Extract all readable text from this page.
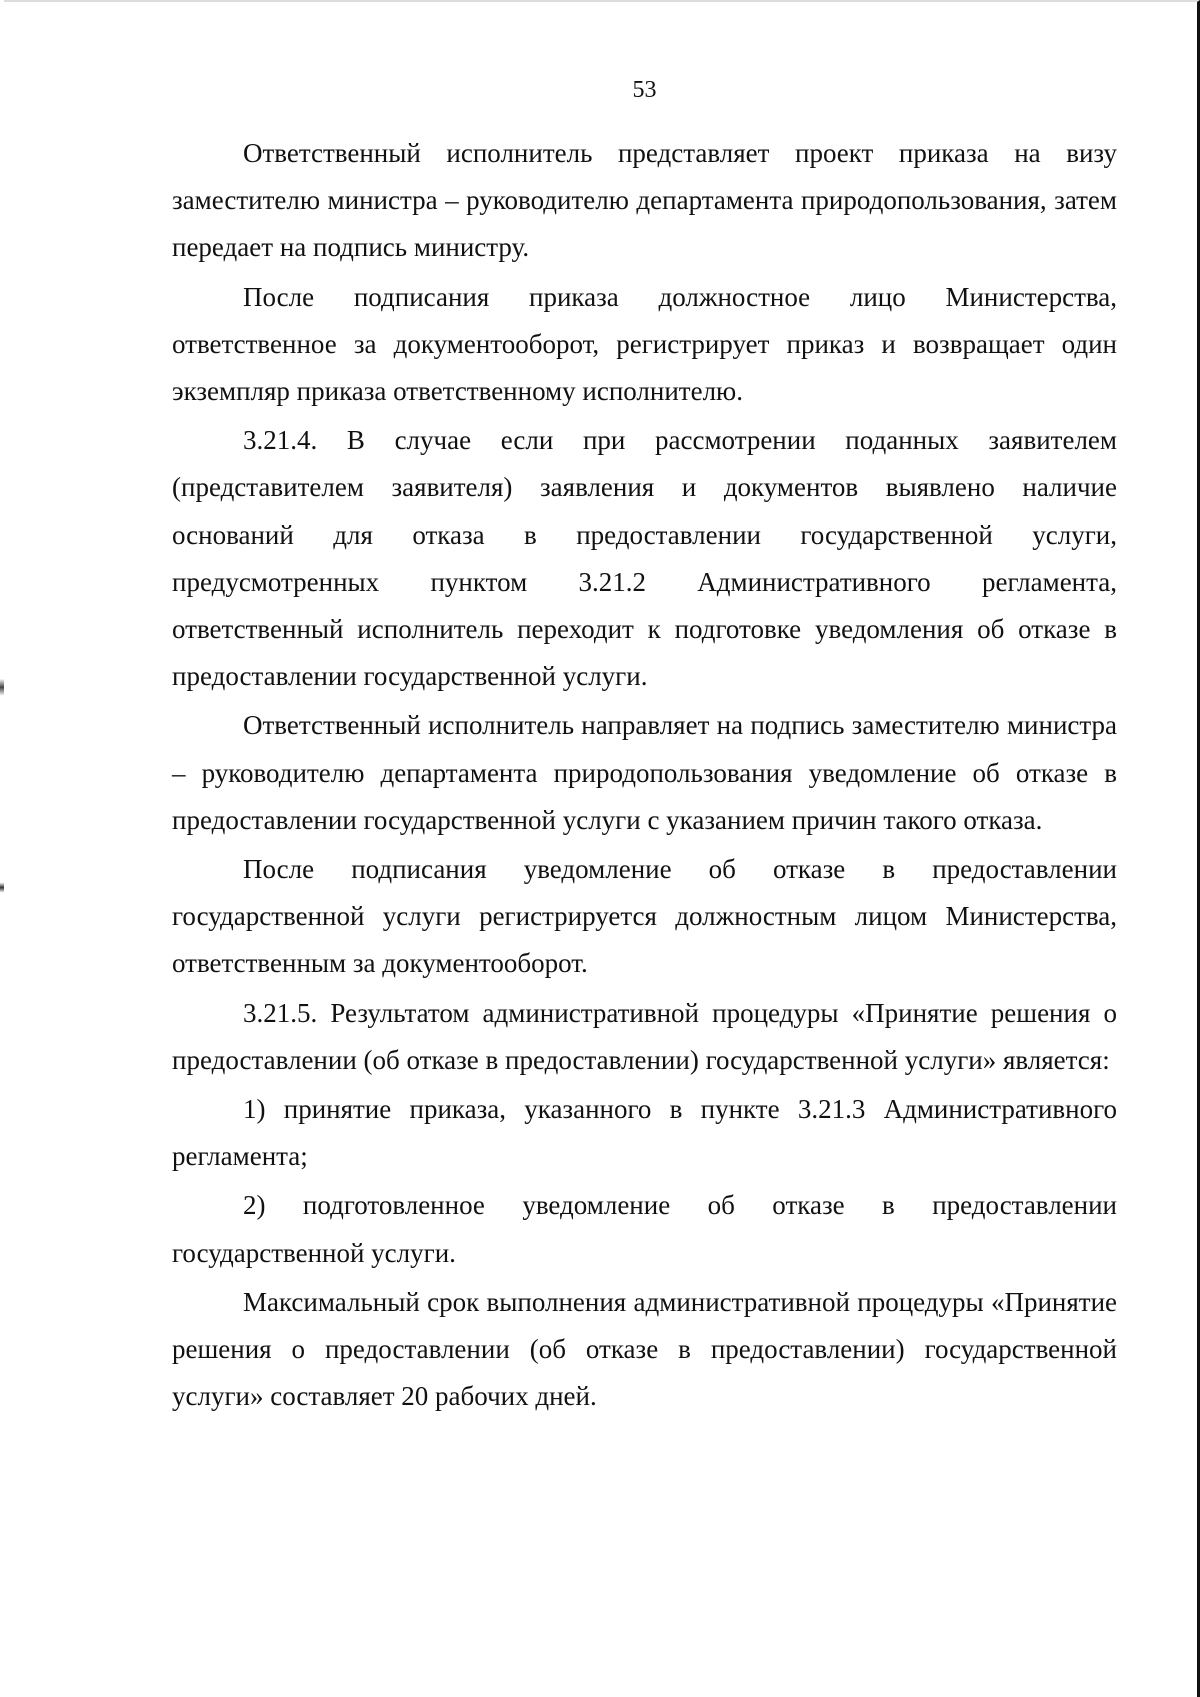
53

Ответственный исполнитель представляет проект приказа на визу заместителю министра – руководителю департамента природопользования, затем передает на подпись министру.

После подписания приказа должностное лицо Министерства, ответственное за документооборот, регистрирует приказ и возвращает один экземпляр приказа ответственному исполнителю.

3.21.4. В случае если при рассмотрении поданных заявителем (представителем заявителя) заявления и документов выявлено наличие оснований для отказа в предоставлении государственной услуги, предусмотренных пунктом 3.21.2 Административного регламента, ответственный исполнитель переходит к подготовке уведомления об отказе в предоставлении государственной услуги.

Ответственный исполнитель направляет на подпись заместителю министра – руководителю департамента природопользования уведомление об отказе в предоставлении государственной услуги с указанием причин такого отказа.

После подписания уведомление об отказе в предоставлении государственной услуги регистрируется должностным лицом Министерства, ответственным за документооборот.

3.21.5. Результатом административной процедуры «Принятие решения о предоставлении (об отказе в предоставлении) государственной услуги» является:

1) принятие приказа, указанного в пункте 3.21.3 Административного регламента;

2) подготовленное уведомление об отказе в предоставлении государственной услуги.

Максимальный срок выполнения административной процедуры «Принятие решения о предоставлении (об отказе в предоставлении) государственной услуги» составляет 20 рабочих дней.
